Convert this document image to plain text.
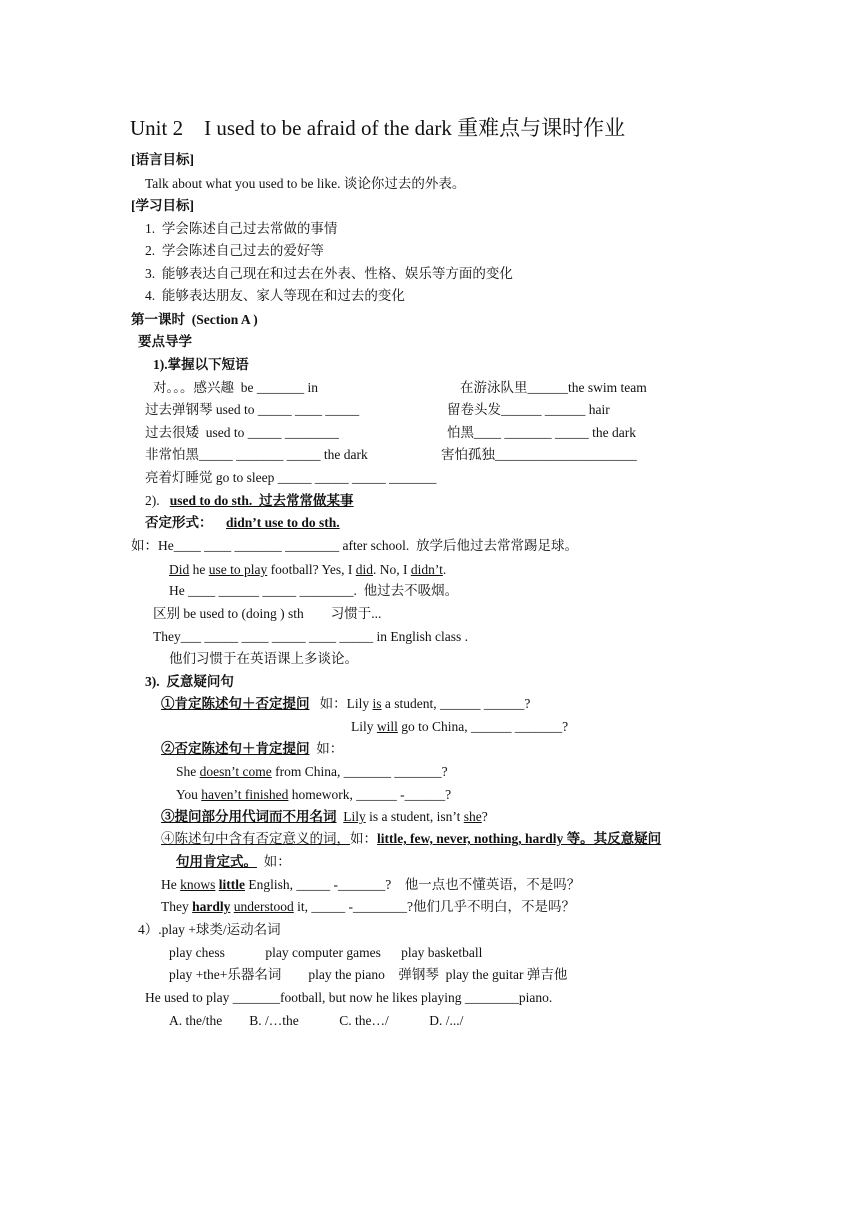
Unit 2    I used to be afraid of the dark 重难点与课时作业
[语言目标]
Talk about what you used to be like. 谈论你过去的外表。
[学习目标]
1.  学会陈述自己过去常做的事情
2.  学会陈述自己过去的爱好等
3.  能够表达自己现在和过去在外表、性格、娱乐等方面的变化
4.  能够表达朋友、家人等现在和过去的变化
第一课时  (Section A )
要点导学
1).掌握以下短语
对。。。感兴趣  be _______ in	在游泳队里______the swim team
过去弹钢琴 used to _____ ____ _____	留卷头发______ ______ hair
过去很矮  used to _____ ________	怕黑____ _______ _____ the dark
非常怕黑_____ _______ _____ the dark	害怕孤独_____________________
亮着灯睡觉 go to sleep _____ _____ _____ _______
2). used to do sth.  过去常常做某事
否定形式： didn’t use to do sth.
如：He____ ____ _______ ________ after school.  放学后他过去常常踢足球。
Did he use to play football? Yes, I did. No, I didn’t.
He ____ ______ _____ ________.  他过去不吸烟。
区别 be used to (doing ) sth        习惯于...
They___ _____ ____ _____ ____ _____ in English class .
他们习惯于在英语课上多谈论。
3).  反意疑问句
①肯定陈述句＋否定提问   如：Lily is a student, ______ ______?
Lily will go to China, ______ _______?
②否定陈述句＋肯定提问  如：
She doesn’t come from China, _______ _______?
You haven’t finished homework, ______ -______?
③提问部分用代词而不用名词 Lily is a student, isn’t she?
④陈述句中含有否定意义的词，如：little, few, never, nothing, hardly 等。其反意疑问
句用肯定式。  如：
He knows little English, _____ -_______?    他一点也不懂英语，不是吗？
They hardly understood it, _____ -________?他们几乎不明白，不是吗？
4）.play +球类/运动名词
play chess            play computer games      play basketball
play +the+乐器名词        play the piano    弹钢琴  play the guitar 弹吉他
He used to play _______football, but now he likes playing ________piano.
A. the/the        B. /…the            C. the…/            D. /.../
